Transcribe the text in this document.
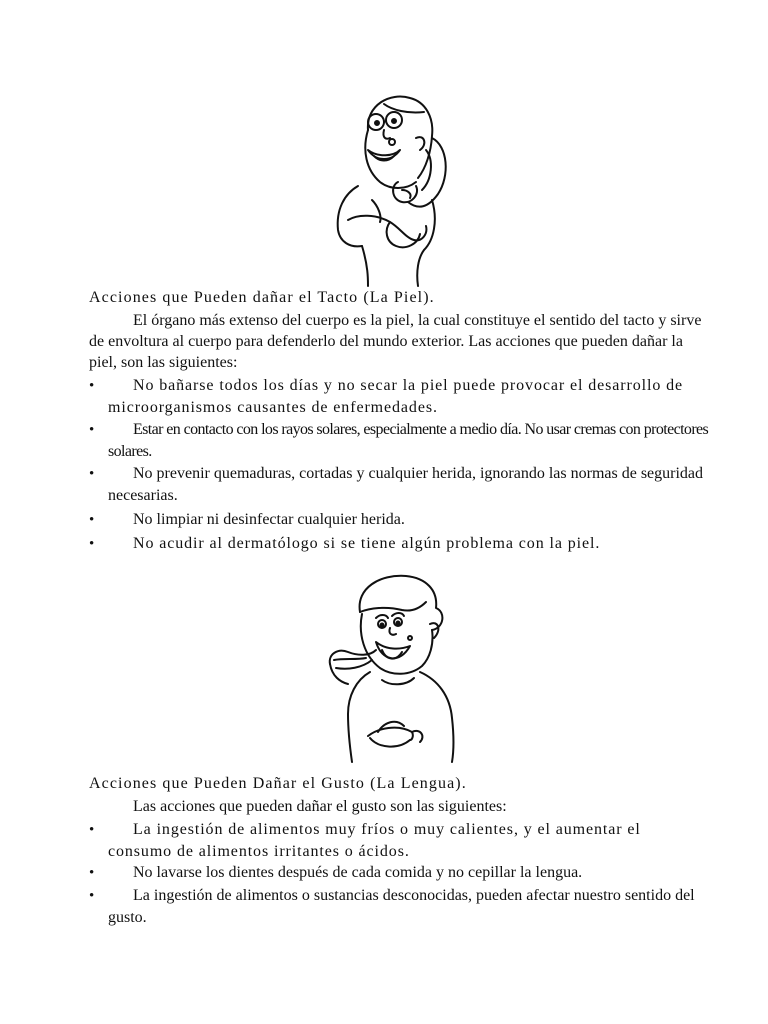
Acciones que Pueden dañar el Tacto (La Piel).
El órgano más extenso del cuerpo es la piel, la cual constituye el sentido del tacto y sirve de envoltura al cuerpo para defenderlo del mundo exterior. Las acciones que pueden dañar la piel, son las siguientes:
•	No bañarse todos los días y no secar la piel puede provocar el desarrollo de microorganismos causantes de enfermedades.
•	Estar en contacto con los rayos solares, especialmente a medio día. No usar cremas con protectores solares.
•	No prevenir quemaduras, cortadas y cualquier herida, ignorando las normas de seguridad necesarias.
•	No limpiar ni desinfectar cualquier herida.
•	No acudir al dermatólogo si se tiene algún problema con la piel.
Acciones que Pueden Dañar el Gusto (La Lengua).
Las acciones que pueden dañar el gusto son las siguientes:
•	La ingestión de alimentos muy fríos o muy calientes, y el aumentar el consumo de alimentos irritantes o ácidos.
•	No lavarse los dientes después de cada comida y no cepillar la lengua.
•	La ingestión de alimentos o sustancias desconocidas, pueden afectar nuestro sentido del gusto.
